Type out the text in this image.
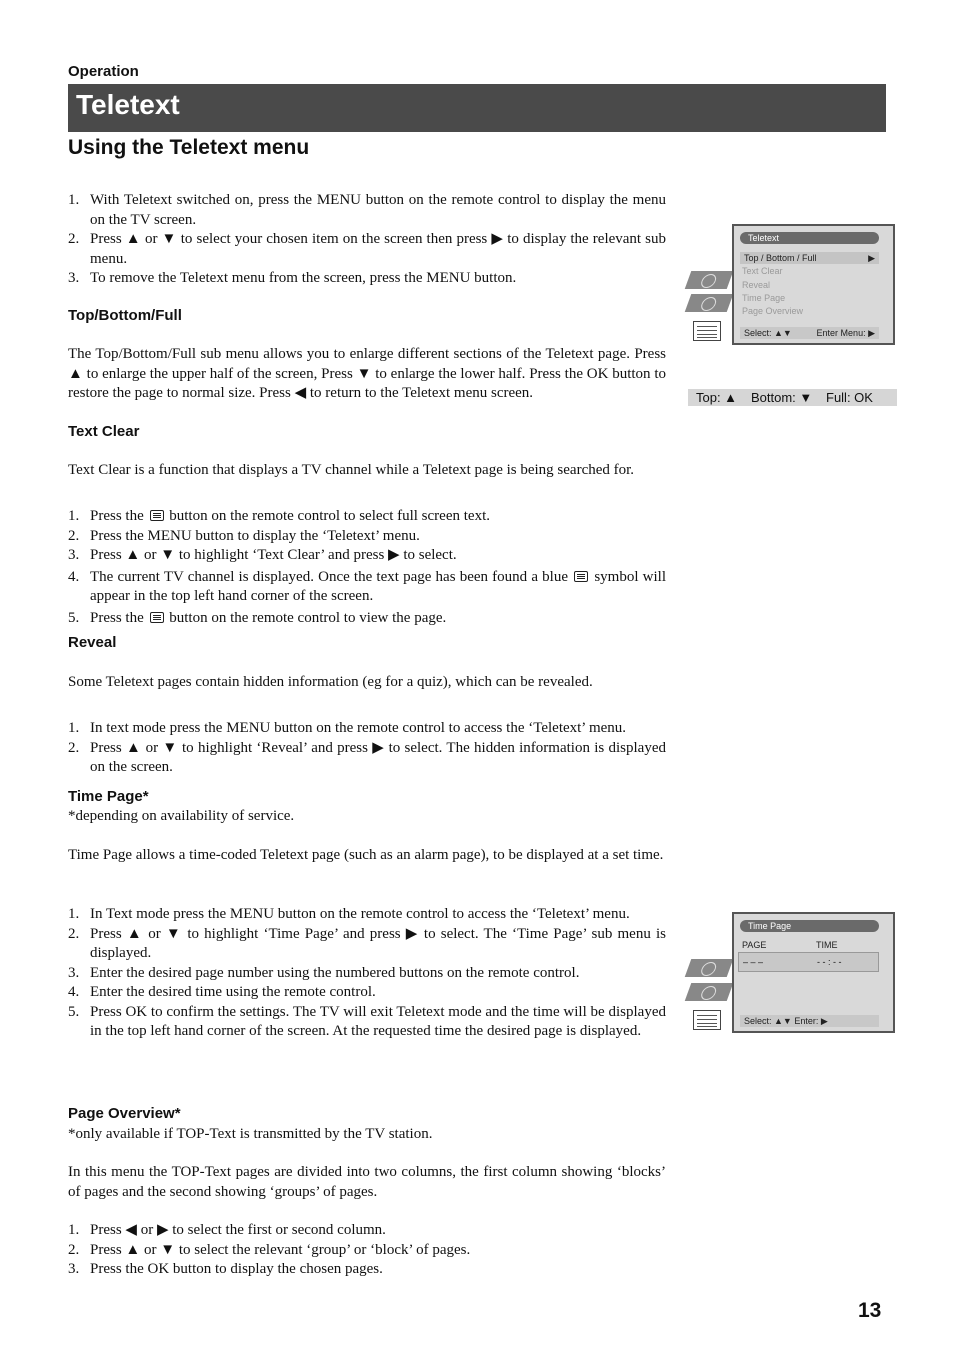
Operation
Teletext
Using the Teletext menu
1. With Teletext switched on, press the MENU button on the remote control to display the menu on the TV screen.
2. Press ▲ or ▼ to select your chosen item on the screen then press ▶ to display the relevant sub menu.
3. To remove the Teletext menu from the screen, press the MENU button.
Top/Bottom/Full
The Top/Bottom/Full sub menu allows you to enlarge different sections of the Teletext page. Press ▲ to enlarge the upper half of the screen, Press ▼ to enlarge the lower half. Press the OK button to restore the page to normal size. Press ◀ to return to the Teletext menu screen.
Text Clear
Text Clear is a function that displays a TV channel while a Teletext page is being searched for.
1. Press the button on the remote control to select full screen text.
2. Press the MENU button to display the ‘Teletext’ menu.
3. Press ▲ or ▼ to highlight ‘Text Clear’ and press ▶ to select.
4. The current TV channel is displayed. Once the text page has been found a blue symbol will appear in the top left hand corner of the screen.
5. Press the button on the remote control to view the page.
Reveal
Some Teletext pages contain hidden information (eg for a quiz), which can be revealed.
1. In text mode press the MENU button on the remote control to access the ‘Teletext’ menu.
2. Press ▲ or ▼ to highlight ‘Reveal’ and press ▶ to select. The hidden information is displayed on the screen.
Time Page*
*depending on availability of service.
Time Page allows a time-coded Teletext page (such as an alarm page), to be displayed at a set time.
1. In Text mode press the MENU button on the remote control to access the ‘Teletext’ menu.
2. Press ▲ or ▼ to highlight ‘Time Page’ and press ▶ to select. The ‘Time Page’ sub menu is displayed.
3. Enter the desired page number using the numbered buttons on the remote control.
4. Enter the desired time using the remote control.
5. Press OK to confirm the settings. The TV will exit Teletext mode and the time will be displayed in the top left hand corner of the screen. At the requested time the desired page is displayed.
Page Overview*
*only available if TOP-Text is transmitted by the TV station.
In this menu the TOP-Text pages are divided into two columns, the first column showing ‘blocks’ of pages and the second showing ‘groups’ of pages.
1. Press ◀ or ▶ to select the first or second column.
2. Press ▲ or ▼ to select the relevant ‘group’ or ‘block’ of pages.
3. Press the OK button to display the chosen pages.
Teletext
Top / Bottom / Full	▶
Text Clear
Reveal
Time Page
Page Overview
Select: ▲▼	Enter Menu: ▶
Top: ▲ Bottom: ▼ Full: OK
Time Page
PAGE	TIME
– – –	- - : - -
Select: ▲▼ Enter: ▶
13
